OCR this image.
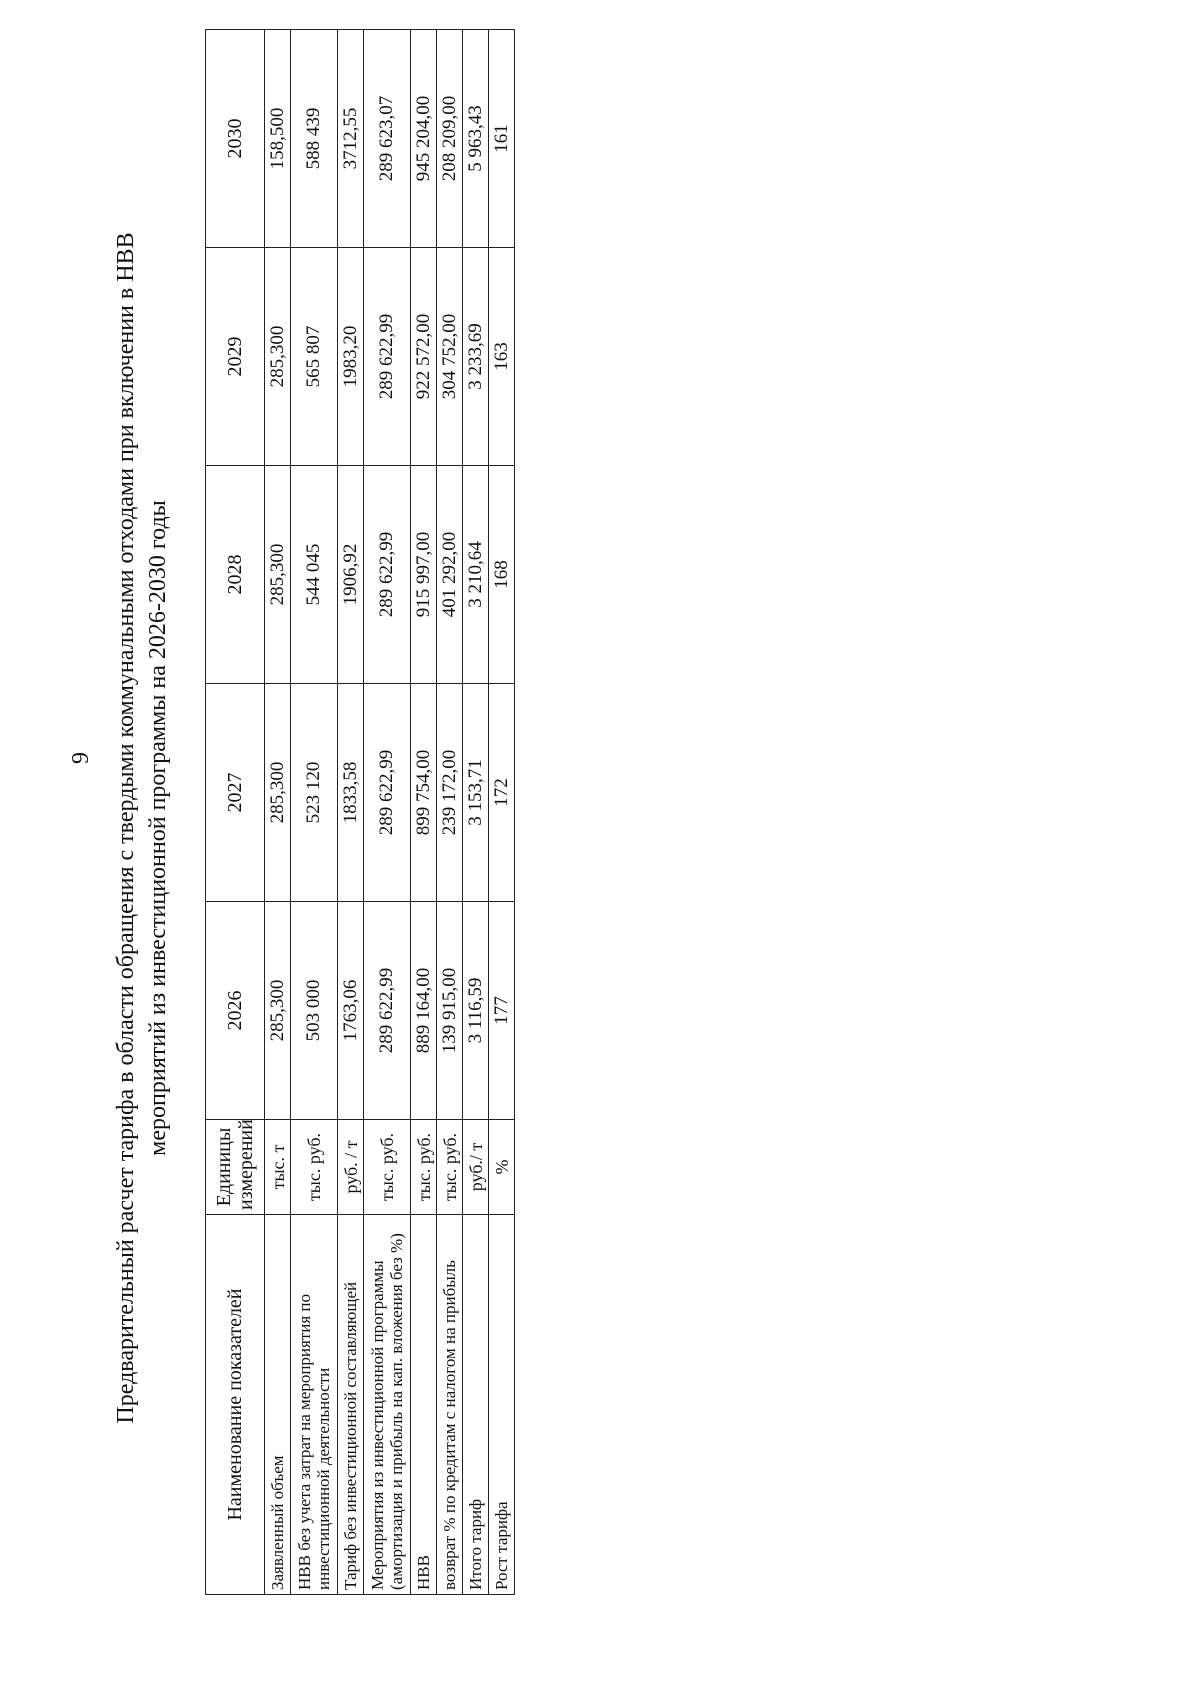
9 Предварительный расчет тарифа в области обращения с твердыми коммунальными отходами при включении в НВВ мероприятий из инвестиционной программы на 2026-2030 годы
Наименование показателей	Единицы измерений	2026	2027	2028	2029	2030
Заявленный объем	тыс. т	285,300	285,300	285,300	285,300	158,500
НВВ без учета затрат на мероприятия по инвестиционной деятельности	тыс. руб.	503 000	523 120	544 045	565 807	588 439
Тариф без инвестиционной составляющей	руб. / т	1763,06	1833,58	1906,92	1983,20	3712,55
Мероприятия из инвестиционной программы (амортизация и прибыль на кап. вложения без %)	тыс. руб.	289 622,99	289 622,99	289 622,99	289 622,99	289 623,07
НВВ	тыс. руб.	889 164,00	899 754,00	915 997,00	922 572,00	945 204,00
возврат % по кредитам с налогом на прибыль	тыс. руб.	139 915,00	239 172,00	401 292,00	304 752,00	208 209,00
Итого тариф	руб./ т	3 116,59	3 153,71	3 210,64	3 233,69	5 963,43
Рост тарифа	%	177	172	168	163	161
